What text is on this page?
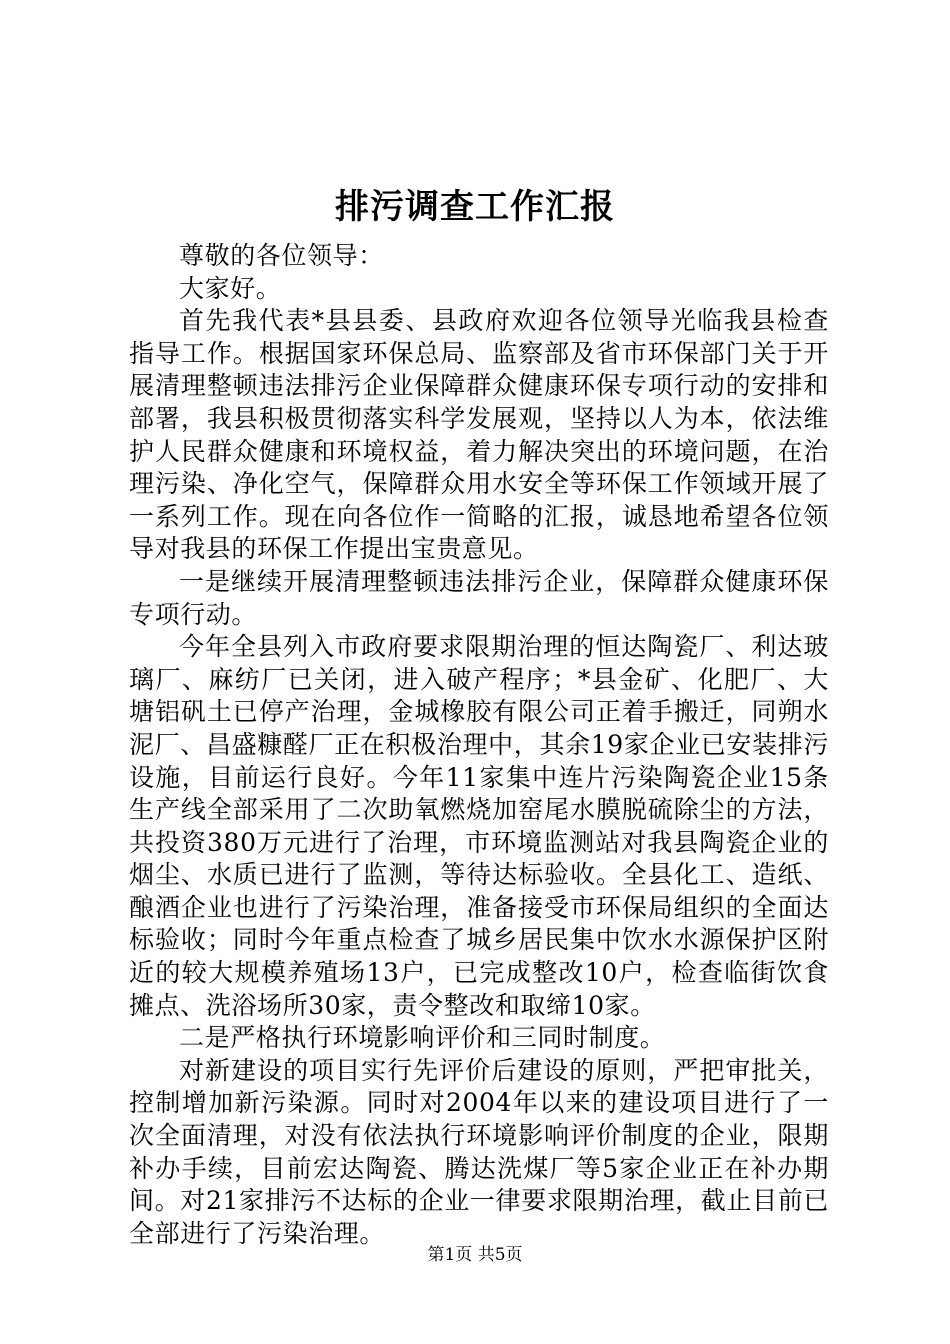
排污调查工作汇报

尊敬的各位领导：

大家好。

首先我代表*县县委、县政府欢迎各位领导光临我县检查指导工作。根据国家环保总局、监察部及省市环保部门关于开展清理整顿违法排污企业保障群众健康环保专项行动的安排和部署，我县积极贯彻落实科学发展观，坚持以人为本，依法维护人民群众健康和环境权益，着力解决突出的环境问题，在治理污染、净化空气，保障群众用水安全等环保工作领域开展了一系列工作。现在向各位作一简略的汇报，诚恳地希望各位领导对我县的环保工作提出宝贵意见。

一是继续开展清理整顿违法排污企业，保障群众健康环保专项行动。

今年全县列入市政府要求限期治理的恒达陶瓷厂、利达玻璃厂、麻纺厂已关闭，进入破产程序；*县金矿、化肥厂、大塘铝矾土已停产治理，金城橡胶有限公司正着手搬迁，同朔水泥厂、昌盛糠醛厂正在积极治理中，其余19家企业已安装排污设施，目前运行良好。今年11家集中连片污染陶瓷企业15条生产线全部采用了二次助氧燃烧加窑尾水膜脱硫除尘的方法，共投资380万元进行了治理，市环境监测站对我县陶瓷企业的烟尘、水质已进行了监测，等待达标验收。全县化工、造纸、酿酒企业也进行了污染治理，准备接受市环保局组织的全面达标验收；同时今年重点检查了城乡居民集中饮水水源保护区附近的较大规模养殖场13户，已完成整改10户，检查临街饮食摊点、洗浴场所30家，责令整改和取缔10家。

二是严格执行环境影响评价和三同时制度。

对新建设的项目实行先评价后建设的原则，严把审批关，控制增加新污染源。同时对2004年以来的建设项目进行了一次全面清理，对没有依法执行环境影响评价制度的企业，限期补办手续，目前宏达陶瓷、腾达洗煤厂等5家企业正在补办期间。对21家排污不达标的企业一律要求限期治理，截止目前已全部进行了污染治理。

第1页 共5页
